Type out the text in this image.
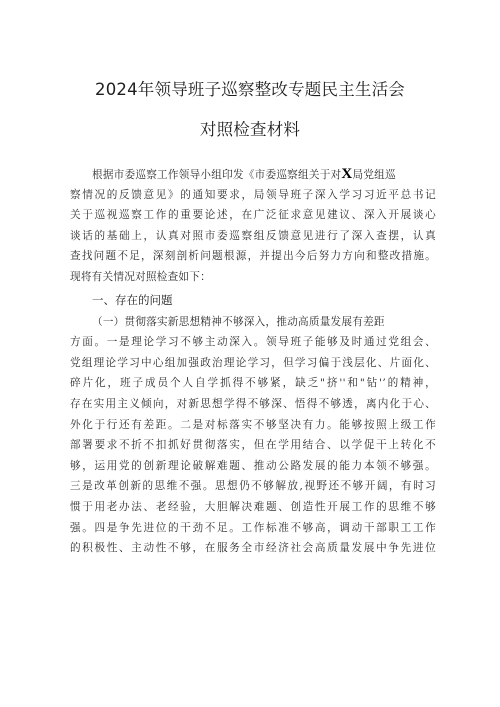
2024年领导班子巡察整改专题民主生活会
对照检查材料
根据市委巡察工作领导小组印发《市委巡察组关于对X局党组巡
察情况的反馈意见》的通知要求，局领导班子深入学习习近平总书记
关于巡视巡察工作的重要论述，在广泛征求意见建议、深入开展谈心
谈话的基础上，认真对照市委巡察组反馈意见进行了深入查摆，认真
查找问题不足，深刻剖析问题根源，并提出今后努力方向和整改措施。
现将有关情况对照检查如下：
一、存在的问题
（一）贯彻落实新思想精神不够深入，推动高质量发展有差距
方面。一是理论学习不够主动深入。领导班子能够及时通过党组会、
党组理论学习中心组加强政治理论学习，但学习偏于浅层化、片面化、
碎片化，班子成员个人自学抓得不够紧，缺乏"挤''和"钻'’的精神，
存在实用主义倾向，对新思想学得不够深、悟得不够透，离内化于心、
外化于行还有差距。二是对标落实不够坚决有力。能够按照上级工作
部署要求不折不扣抓好贯彻落实，但在学用结合、以学促干上转化不
够，运用党的创新理论破解难题、推动公路发展的能力本领不够强。
三是改革创新的思维不强。思想仍不够解放,视野还不够开阔，有时习
惯于用老办法、老经验，大胆解决难题、创造性开展工作的思维不够
强。四是争先进位的干劲不足。工作标准不够高，调动干部职工工作
的积极性、主动性不够，在服务全市经济社会高质量发展中争先进位
